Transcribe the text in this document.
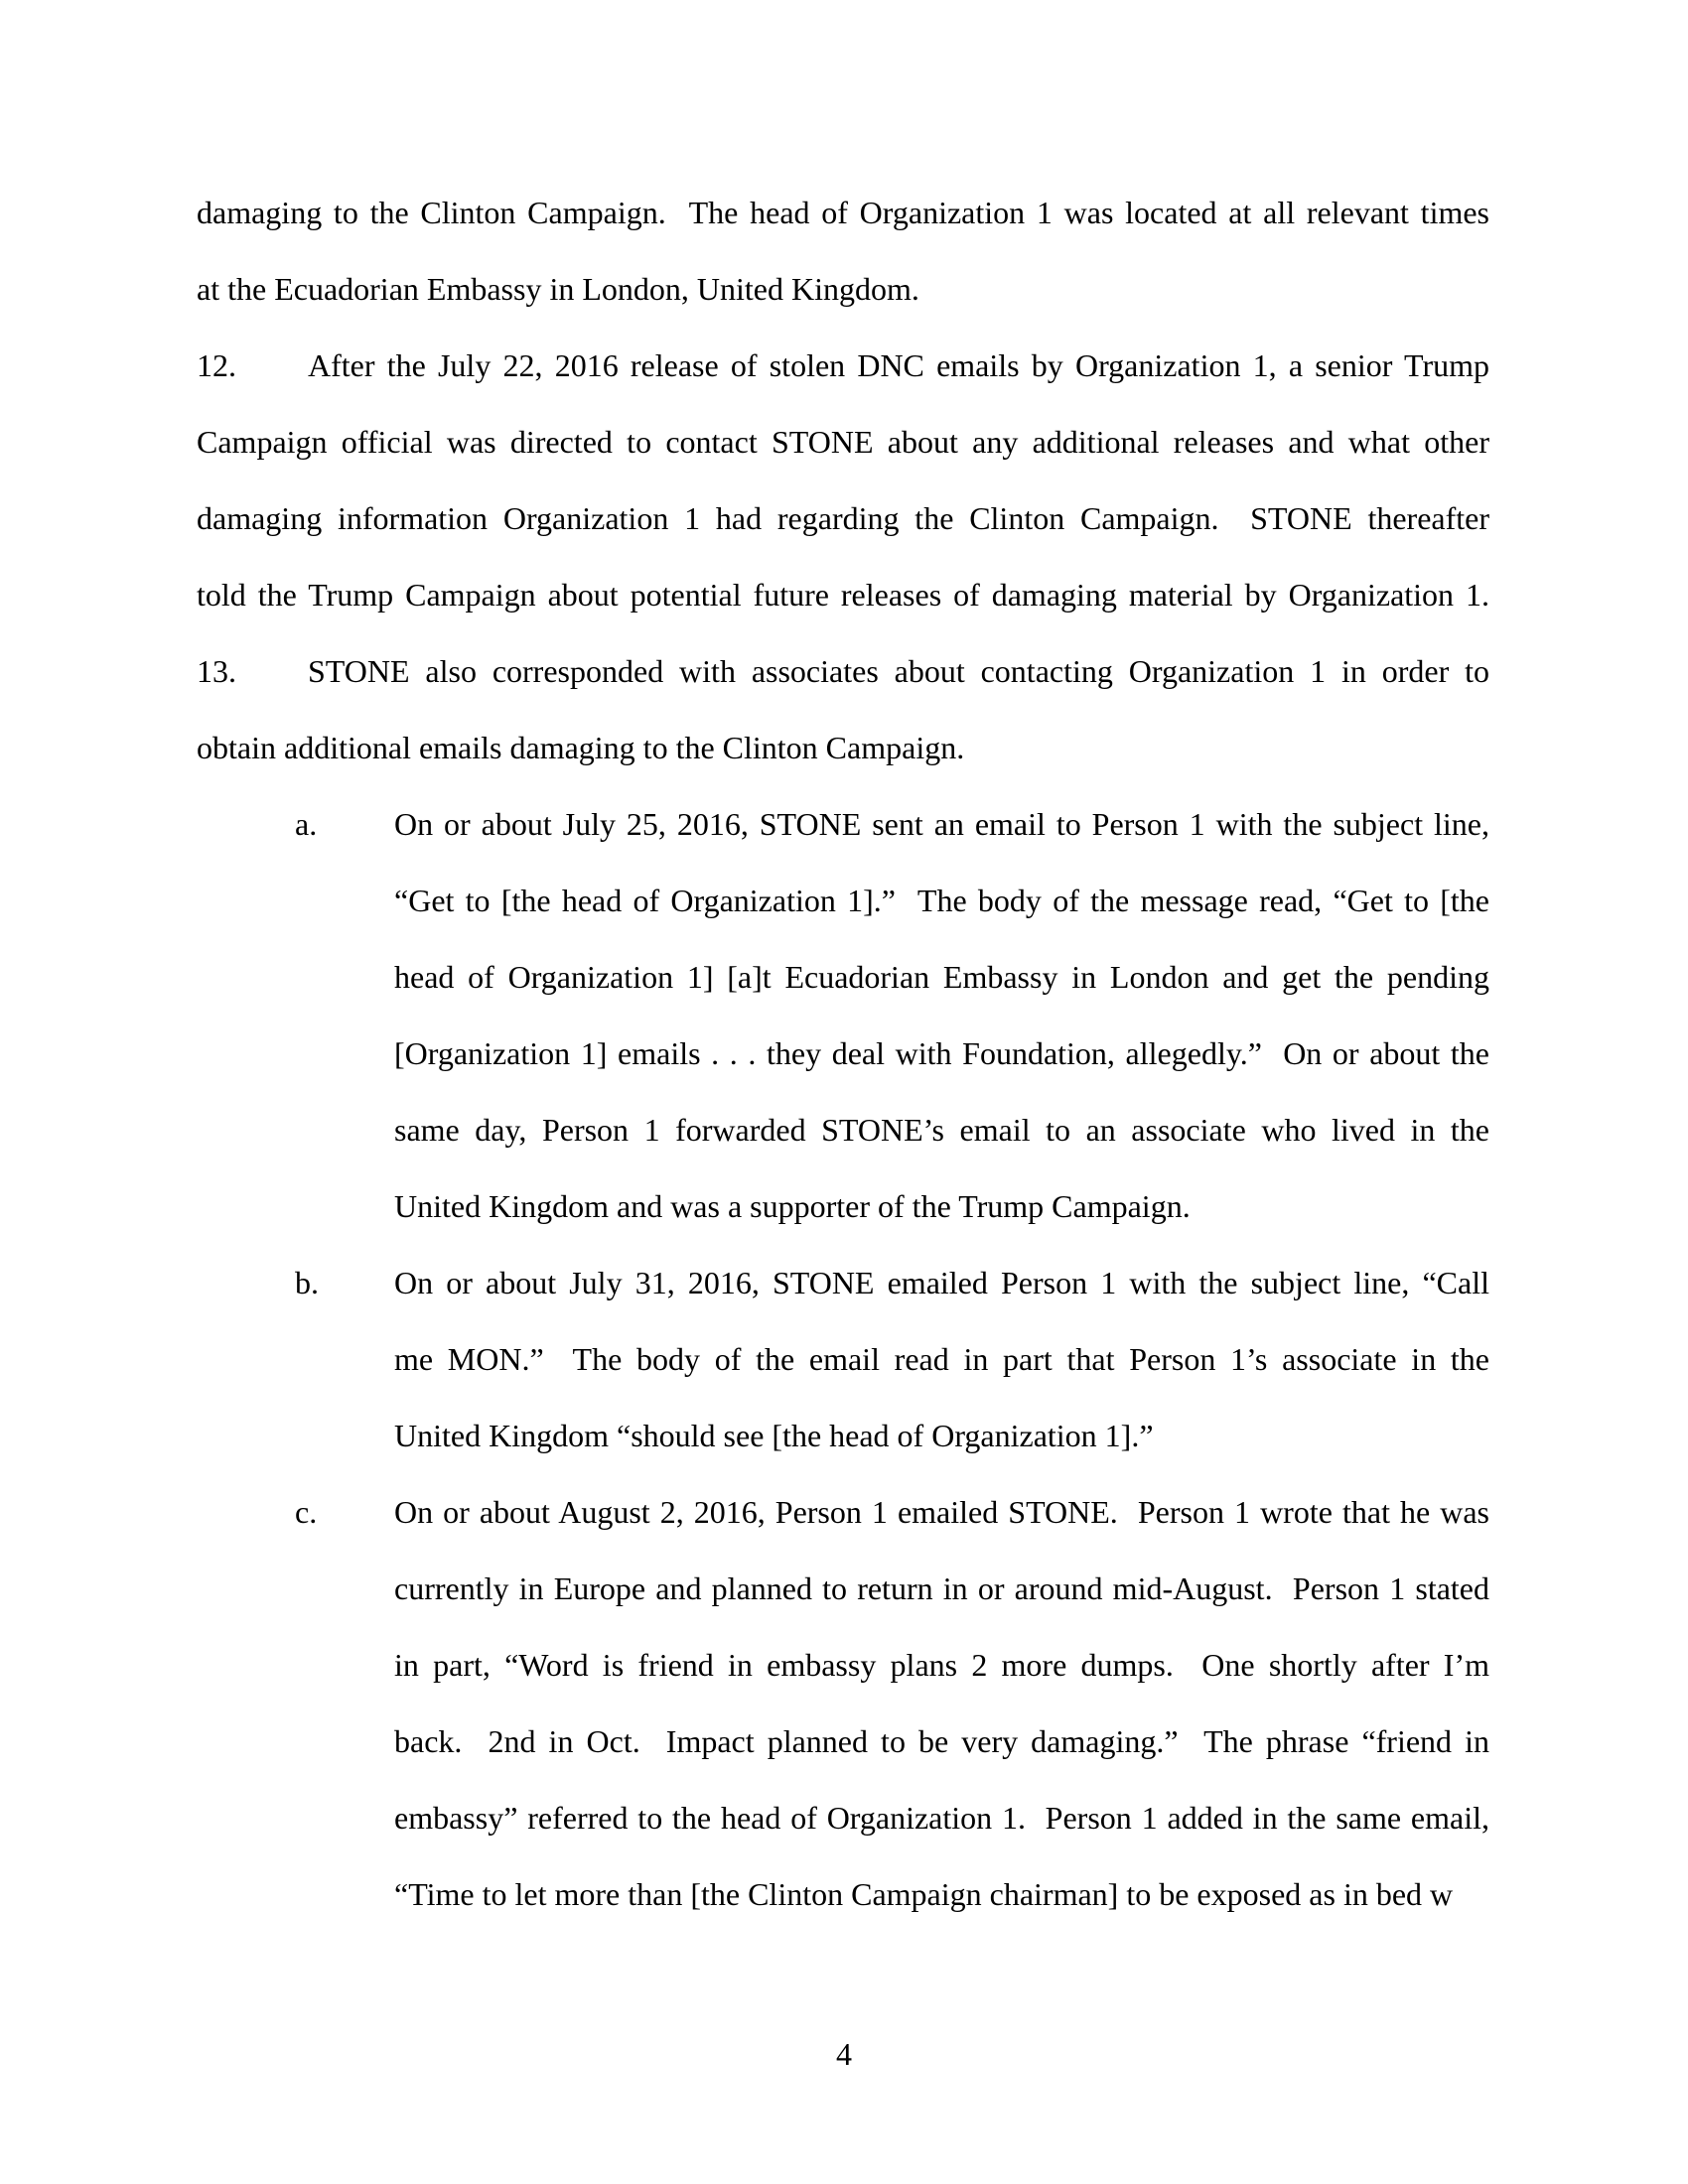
damaging to the Clinton Campaign.  The head of Organization 1 was located at all relevant times
at the Ecuadorian Embassy in London, United Kingdom.
12. After the July 22, 2016 release of stolen DNC emails by Organization 1, a senior Trump
Campaign official was directed to contact STONE about any additional releases and what other
damaging information Organization 1 had regarding the Clinton Campaign.  STONE thereafter
told the Trump Campaign about potential future releases of damaging material by Organization 1.
13. STONE also corresponded with associates about contacting Organization 1 in order to
obtain additional emails damaging to the Clinton Campaign.
a. On or about July 25, 2016, STONE sent an email to Person 1 with the subject line,
“Get to [the head of Organization 1].”  The body of the message read, “Get to [the
head of Organization 1] [a]t Ecuadorian Embassy in London and get the pending
[Organization 1] emails . . . they deal with Foundation, allegedly.”  On or about the
same day, Person 1 forwarded STONE’s email to an associate who lived in the
United Kingdom and was a supporter of the Trump Campaign.
b. On or about July 31, 2016, STONE emailed Person 1 with the subject line, “Call
me MON.”  The body of the email read in part that Person 1’s associate in the
United Kingdom “should see [the head of Organization 1].”
c. On or about August 2, 2016, Person 1 emailed STONE.  Person 1 wrote that he was
currently in Europe and planned to return in or around mid-August.  Person 1 stated
in part, “Word is friend in embassy plans 2 more dumps.  One shortly after I’m
back.  2nd in Oct.  Impact planned to be very damaging.”  The phrase “friend in
embassy” referred to the head of Organization 1.  Person 1 added in the same email,
“Time to let more than [the Clinton Campaign chairman] to be exposed as in bed w
4
